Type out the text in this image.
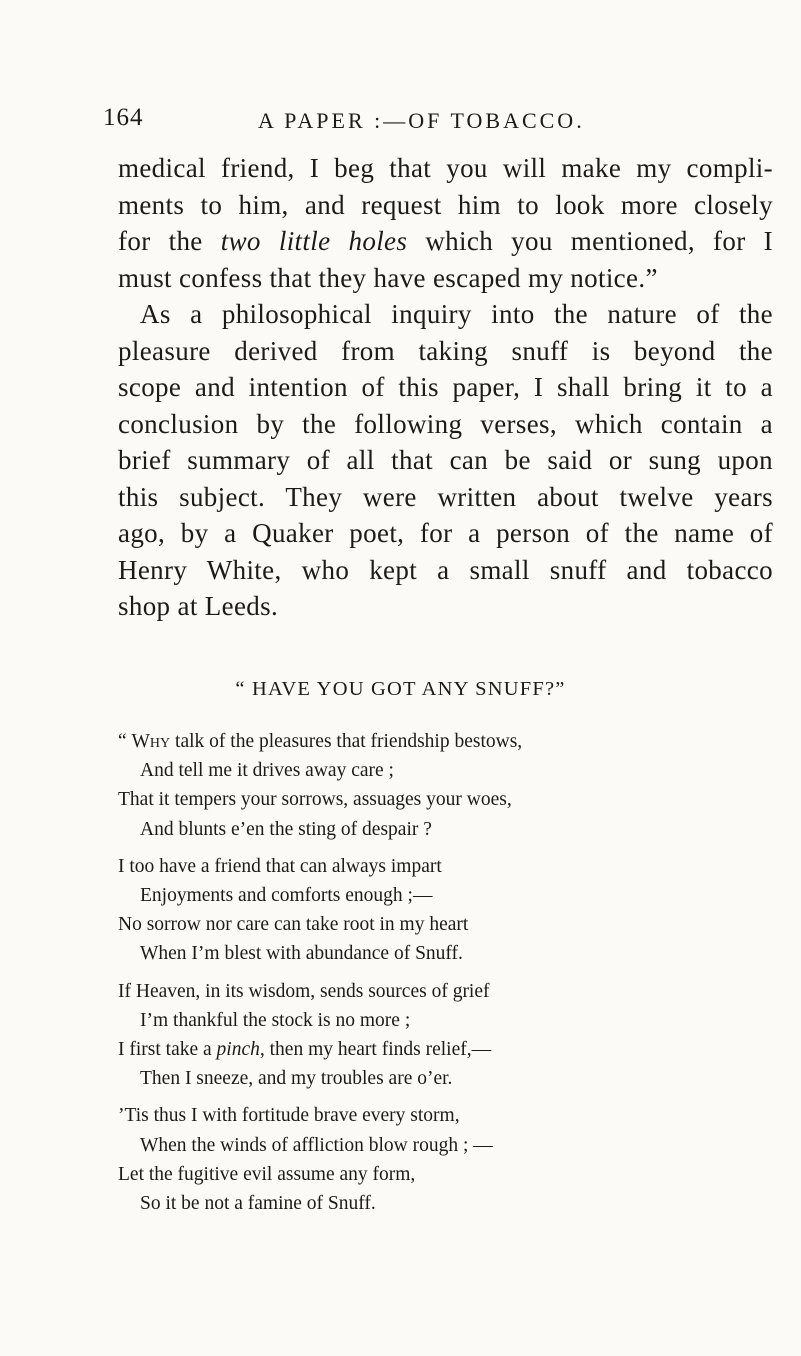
164	A PAPER :—OF TOBACCO.
medical friend, I beg that you will make my compli-
ments to him, and request him to look more closely
for the two little holes which you mentioned, for I
must confess that they have escaped my notice.”
As a philosophical inquiry into the nature of the
pleasure derived from taking snuff is beyond the
scope and intention of this paper, I shall bring it to a
conclusion by the following verses, which contain a
brief summary of all that can be said or sung upon
this subject. They were written about twelve years
ago, by a Quaker poet, for a person of the name of
Henry White, who kept a small snuff and tobacco
shop at Leeds.
“ HAVE YOU GOT ANY SNUFF?”
“ Why talk of the pleasures that friendship bestows,
And tell me it drives away care ;
That it tempers your sorrows, assuages your woes,
And blunts e’en the sting of despair ?
I too have a friend that can always impart
Enjoyments and comforts enough ;—
No sorrow nor care can take root in my heart
When I’m blest with abundance of Snuff.
If Heaven, in its wisdom, sends sources of grief
I’m thankful the stock is no more ;
I first take a pinch, then my heart finds relief,—
Then I sneeze, and my troubles are o’er.
’Tis thus I with fortitude brave every storm,
When the winds of affliction blow rough ; —
Let the fugitive evil assume any form,
So it be not a famine of Snuff.
